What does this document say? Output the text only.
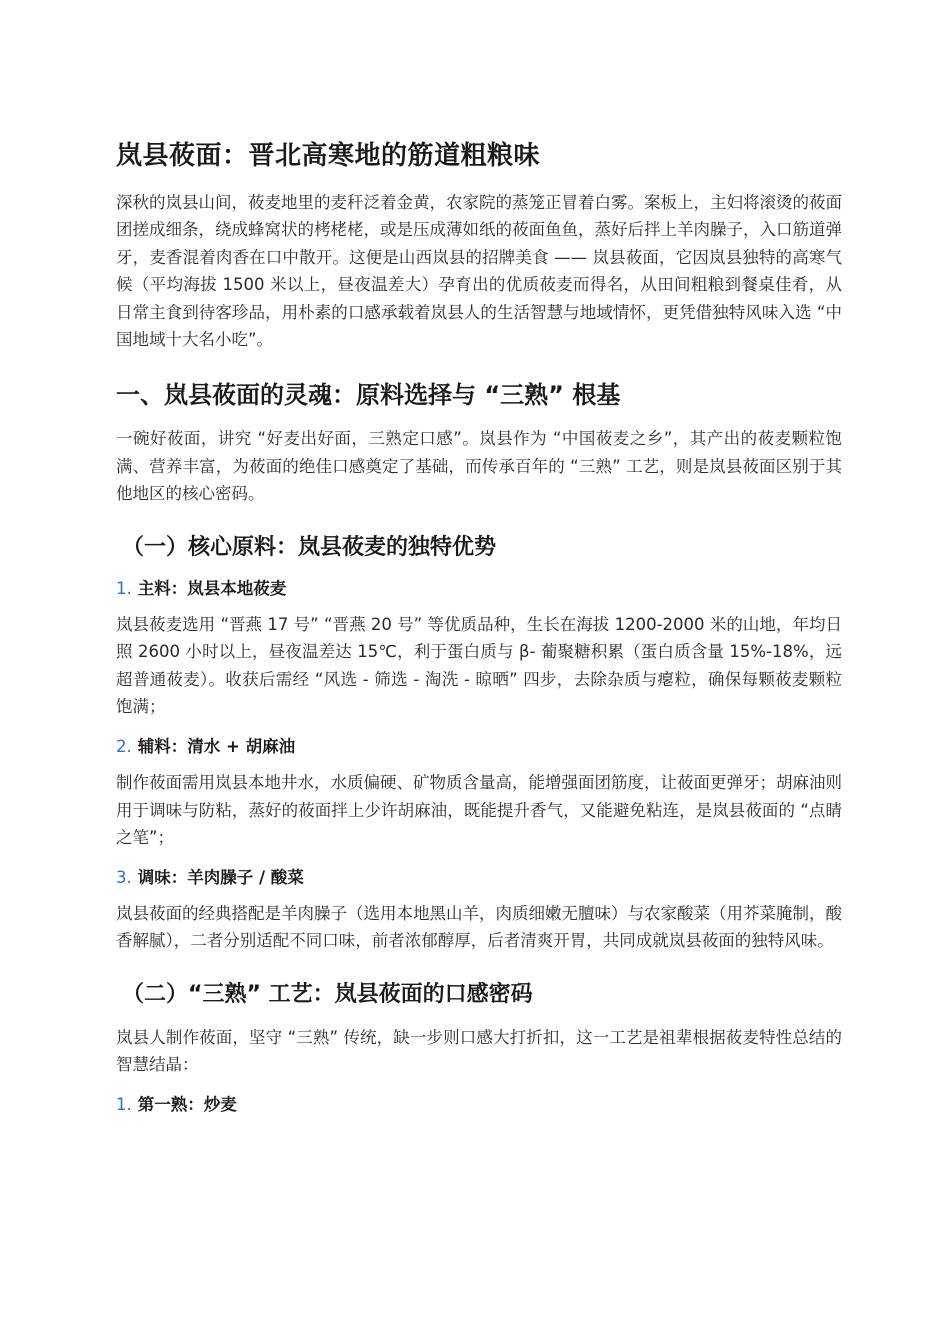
岚县莜面：晋北高寒地的筋道粗粮味

深秋的岚县山间，莜麦地里的麦秆泛着金黄，农家院的蒸笼正冒着白雾。案板上，主妇将滚烫的莜面团搓成细条，绕成蜂窝状的栲栳栳，或是压成薄如纸的莜面鱼鱼，蒸好后拌上羊肉臊子，入口筋道弹牙，麦香混着肉香在口中散开。这便是山西岚县的招牌美食 —— 岚县莜面，它因岚县独特的高寒气候（平均海拔 1500 米以上，昼夜温差大）孕育出的优质莜麦而得名，从田间粗粮到餐桌佳肴，从日常主食到待客珍品，用朴素的口感承载着岚县人的生活智慧与地域情怀，更凭借独特风味入选 “中国地域十大名小吃”。

一、岚县莜面的灵魂：原料选择与 “三熟” 根基

一碗好莜面，讲究 “好麦出好面，三熟定口感”。岚县作为 “中国莜麦之乡”，其产出的莜麦颗粒饱满、营养丰富，为莜面的绝佳口感奠定了基础，而传承百年的 “三熟” 工艺，则是岚县莜面区别于其他地区的核心密码。

（一）核心原料：岚县莜麦的独特优势
1. 主料：岚县本地莜麦

岚县莜麦选用 “晋燕 17 号” “晋燕 20 号” 等优质品种，生长在海拔 1200-2000 米的山地，年均日照 2600 小时以上，昼夜温差达 15℃，利于蛋白质与 β- 葡聚糖积累（蛋白质含量 15%-18%，远超普通莜麦）。收获后需经 “风选 - 筛选 - 淘洗 - 晾晒” 四步，去除杂质与瘪粒，确保每颗莜麦颗粒饱满；

2. 辅料：清水 + 胡麻油

制作莜面需用岚县本地井水，水质偏硬、矿物质含量高，能增强面团筋度，让莜面更弹牙；胡麻油则用于调味与防粘，蒸好的莜面拌上少许胡麻油，既能提升香气，又能避免粘连，是岚县莜面的 “点睛之笔”；

3. 调味：羊肉臊子 / 酸菜

岚县莜面的经典搭配是羊肉臊子（选用本地黑山羊，肉质细嫩无膻味）与农家酸菜（用芥菜腌制，酸香解腻），二者分别适配不同口味，前者浓郁醇厚，后者清爽开胃，共同成就岚县莜面的独特风味。

（二）“三熟” 工艺：岚县莜面的口感密码

岚县人制作莜面，坚守 “三熟” 传统，缺一步则口感大打折扣，这一工艺是祖辈根据莜麦特性总结的智慧结晶：

1. 第一熟：炒麦
